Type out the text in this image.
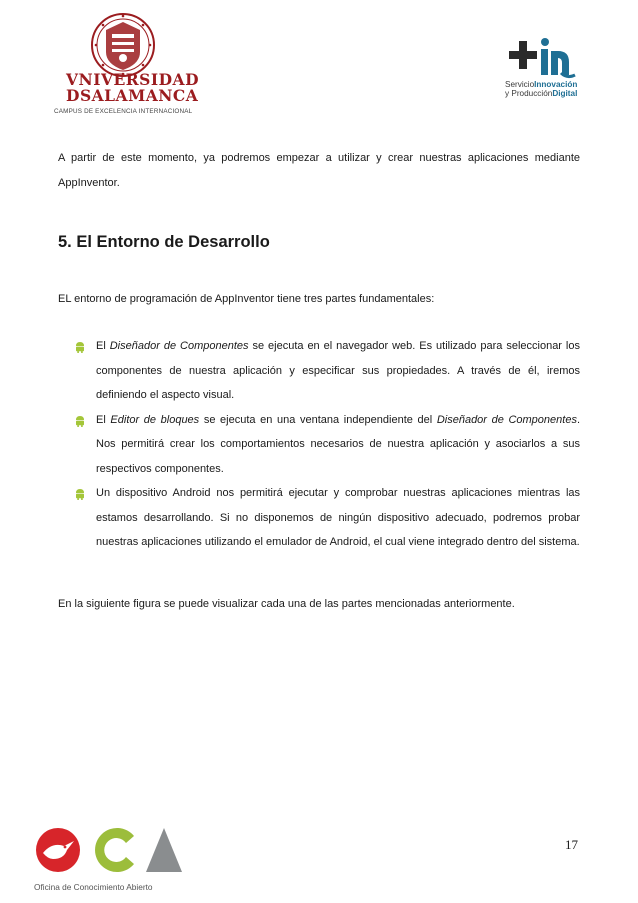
VNIVERSIDAD
DSALAMANCA
CAMPUS DE EXCELENCIA INTERNACIONAL
ServicioInnovación
y ProducciónDigital
A partir de este momento, ya podremos empezar a utilizar y crear nuestras aplicaciones mediante AppInventor.
5. El Entorno de Desarrollo
EL entorno de programación de AppInventor tiene tres partes fundamentales:
El Diseñador de Componentes se ejecuta en el navegador web. Es utilizado para seleccionar los componentes de nuestra aplicación y especificar sus propiedades. A través de él, iremos definiendo el aspecto visual.
El Editor de bloques se ejecuta en una ventana independiente del Diseñador de Componentes. Nos permitirá crear los comportamientos necesarios de nuestra aplicación y asociarlos a sus respectivos componentes.
Un dispositivo Android nos permitirá ejecutar y comprobar nuestras aplicaciones mientras las estamos desarrollando. Si no disponemos de ningún dispositivo adecuado, podremos probar nuestras aplicaciones utilizando el emulador de Android, el cual viene integrado dentro del sistema.
En la siguiente figura se puede visualizar cada una de las partes mencionadas anteriormente.
Oficina de Conocimiento Abierto
17
